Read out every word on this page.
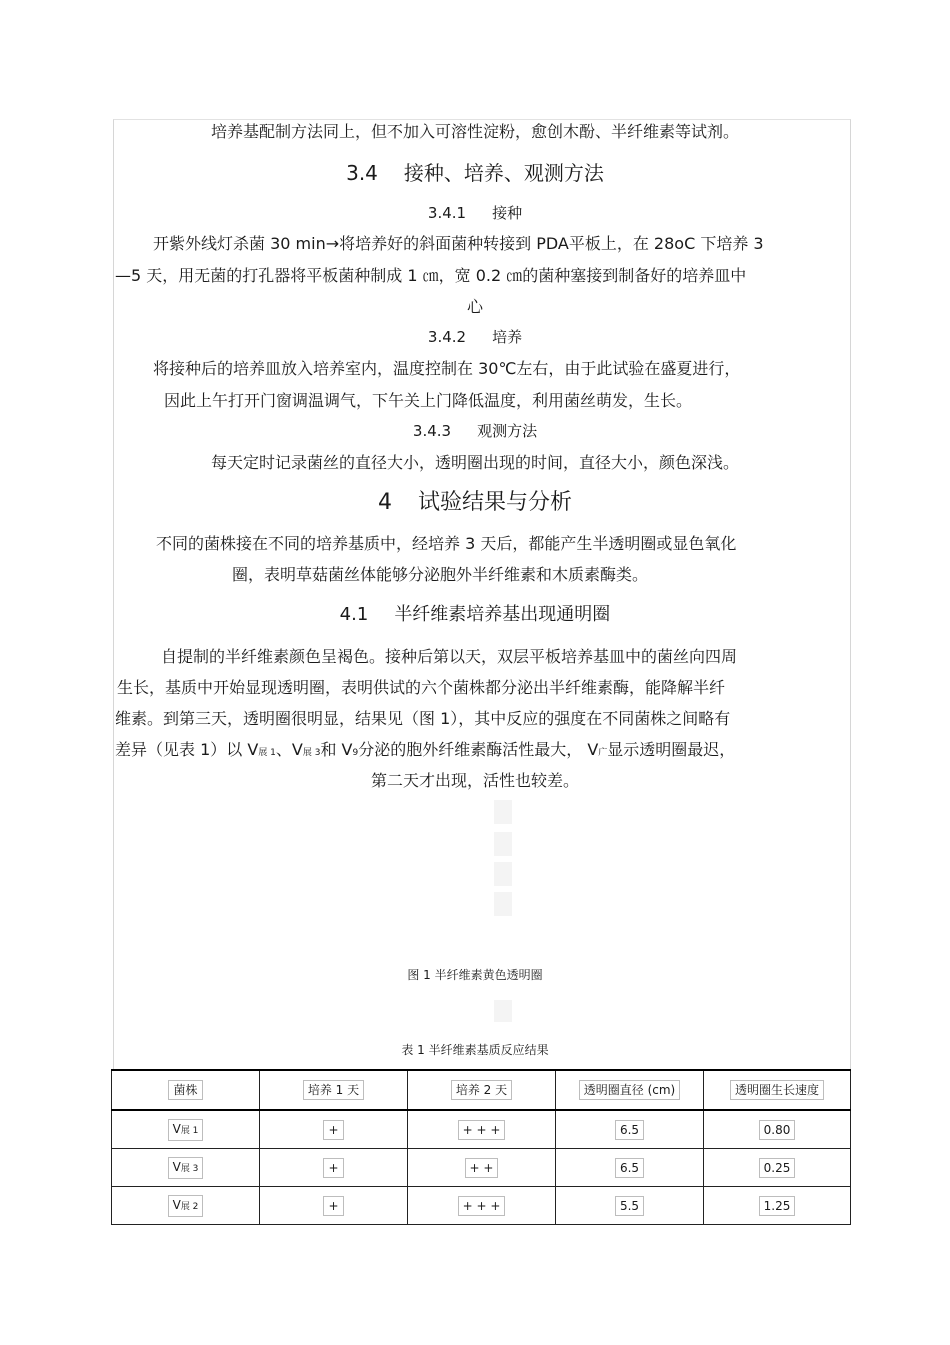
培养基配制方法同上，但不加入可溶性淀粉，愈创木酚、半纤维素等试剂。
3.4 接种、培养、观测方法
3.4.1 接种
开紫外线灯杀菌 30 min→将培养好的斜面菌种转接到 PDA平板上，在 28oC 下培养 3
—5 天，用无菌的打孔器将平板菌种制成 1 ㎝，宽 0.2 ㎝的菌种塞接到制备好的培养皿中
心
3.4.2 培养
将接种后的培养皿放入培养室内，温度控制在 30℃左右，由于此试验在盛夏进行，
因此上午打开门窗调温调气，下午关上门降低温度，利用菌丝萌发，生长。
3.4.3 观测方法
每天定时记录菌丝的直径大小，透明圈出现的时间，直径大小，颜色深浅。
4 试验结果与分析
不同的菌株接在不同的培养基质中，经培养 3 天后，都能产生半透明圈或显色氧化
圈，表明草菇菌丝体能够分泌胞外半纤维素和木质素酶类。
4.1 半纤维素培养基出现通明圈
自提制的半纤维素颜色呈褐色。接种后第以天，双层平板培养基皿中的菌丝向四周
生长，基质中开始显现透明圈，表明供试的六个菌株都分泌出半纤维素酶，能降解半纤
维素。到第三天，透明圈很明显，结果见（图 1），其中反应的强度在不同菌株之间略有
差异（见表 1）以 V展 1、V展 3和 V9分泌的胞外纤维素酶活性最大， V广显示透明圈最迟，
第二天才出现，活性也较差。
图 1 半纤维素黄色透明圈
表 1 半纤维素基质反应结果
菌株	培养 1 天	培养 2 天	透明圈直径 (cm)	透明圈生长速度
V展 1	+	+ + +	6.5	0.80
V展 3	+	+ +	6.5	0.25
V展 2	+	+ + +	5.5	1.25
